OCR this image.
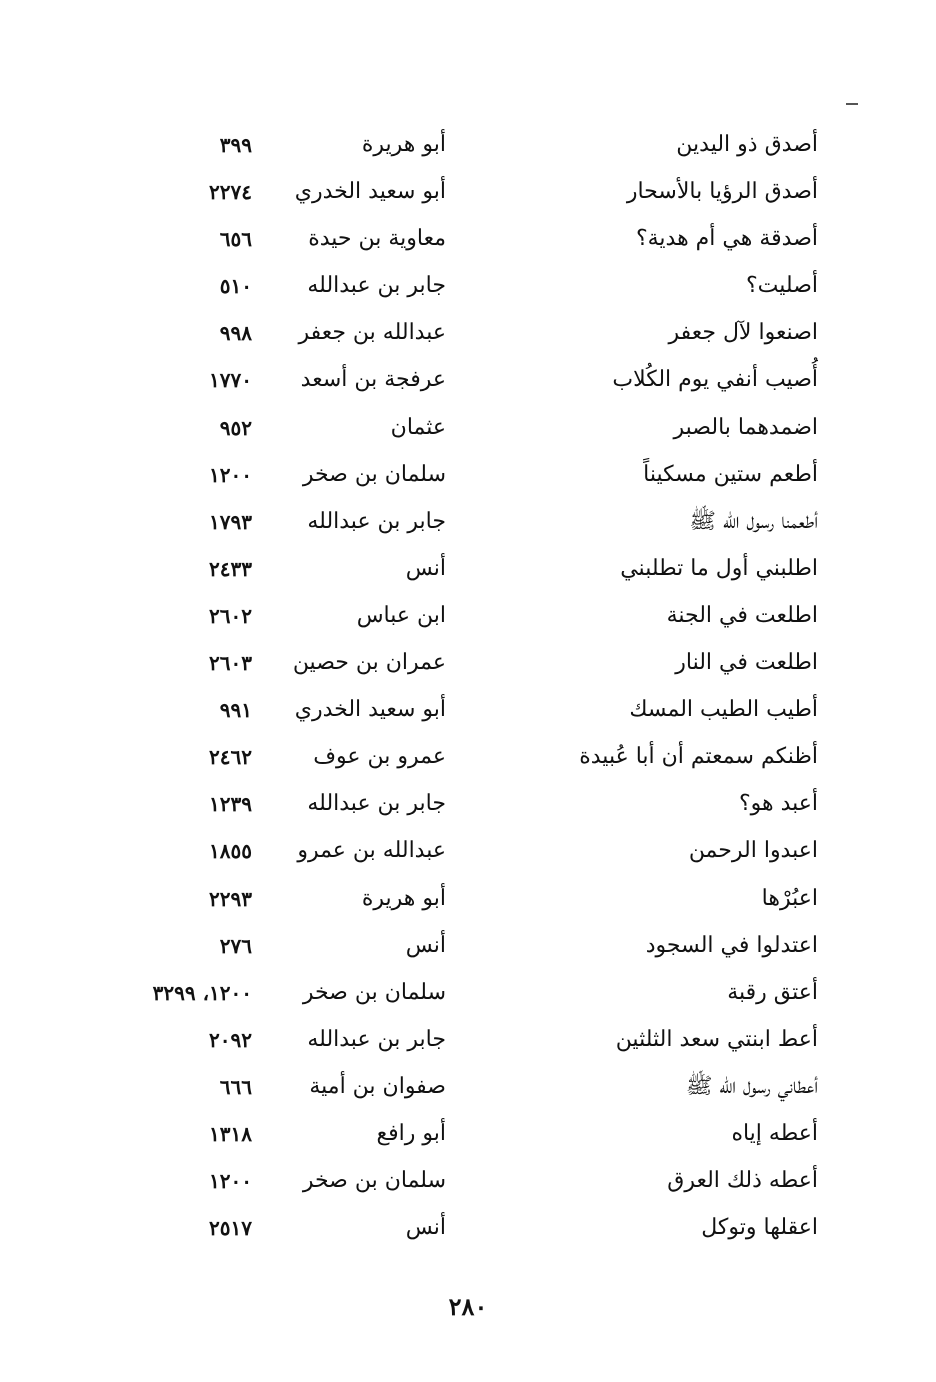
أصدق ذو اليدين
أبو هريرة
٣٩٩
أصدق الرؤيا بالأسحار
أبو سعيد الخدري
٢٢٧٤
أصدقة هي أم هدية؟
معاوية بن حيدة
٦٥٦
أصليت؟
جابر بن عبدالله
٥١٠
اصنعوا لآل جعفر
عبدالله بن جعفر
٩٩٨
أُصيب أنفي يوم الكُلاب
عرفجة بن أسعد
١٧٧٠
اضمدهما بالصبر
عثمان
٩٥٢
أطعم ستين مسكيناً
سلمان بن صخر
١٢٠٠
أطعمنا رسول الله ﷺ
جابر بن عبدالله
١٧٩٣
اطلبني أول ما تطلبني
أنس
٢٤٣٣
اطلعت في الجنة
ابن عباس
٢٦٠٢
اطلعت في النار
عمران بن حصين
٢٦٠٣
أطيب الطيب المسك
أبو سعيد الخدري
٩٩١
أظنكم سمعتم أن أبا عُبيدة
عمرو بن عوف
٢٤٦٢
أعبد هو؟
جابر بن عبدالله
١٢٣٩
اعبدوا الرحمن
عبدالله بن عمرو
١٨٥٥
اعبُرْها
أبو هريرة
٢٢٩٣
اعتدلوا في السجود
أنس
٢٧٦
أعتق رقبة
سلمان بن صخر
١٢٠٠، ٣٢٩٩
أعط ابنتي سعد الثلثين
جابر بن عبدالله
٢٠٩٢
أعطاني رسول الله ﷺ
صفوان بن أمية
٦٦٦
أعطه إياه
أبو رافع
١٣١٨
أعطه ذلك العرق
سلمان بن صخر
١٢٠٠
اعقلها وتوكل
أنس
٢٥١٧
٢٨٠
